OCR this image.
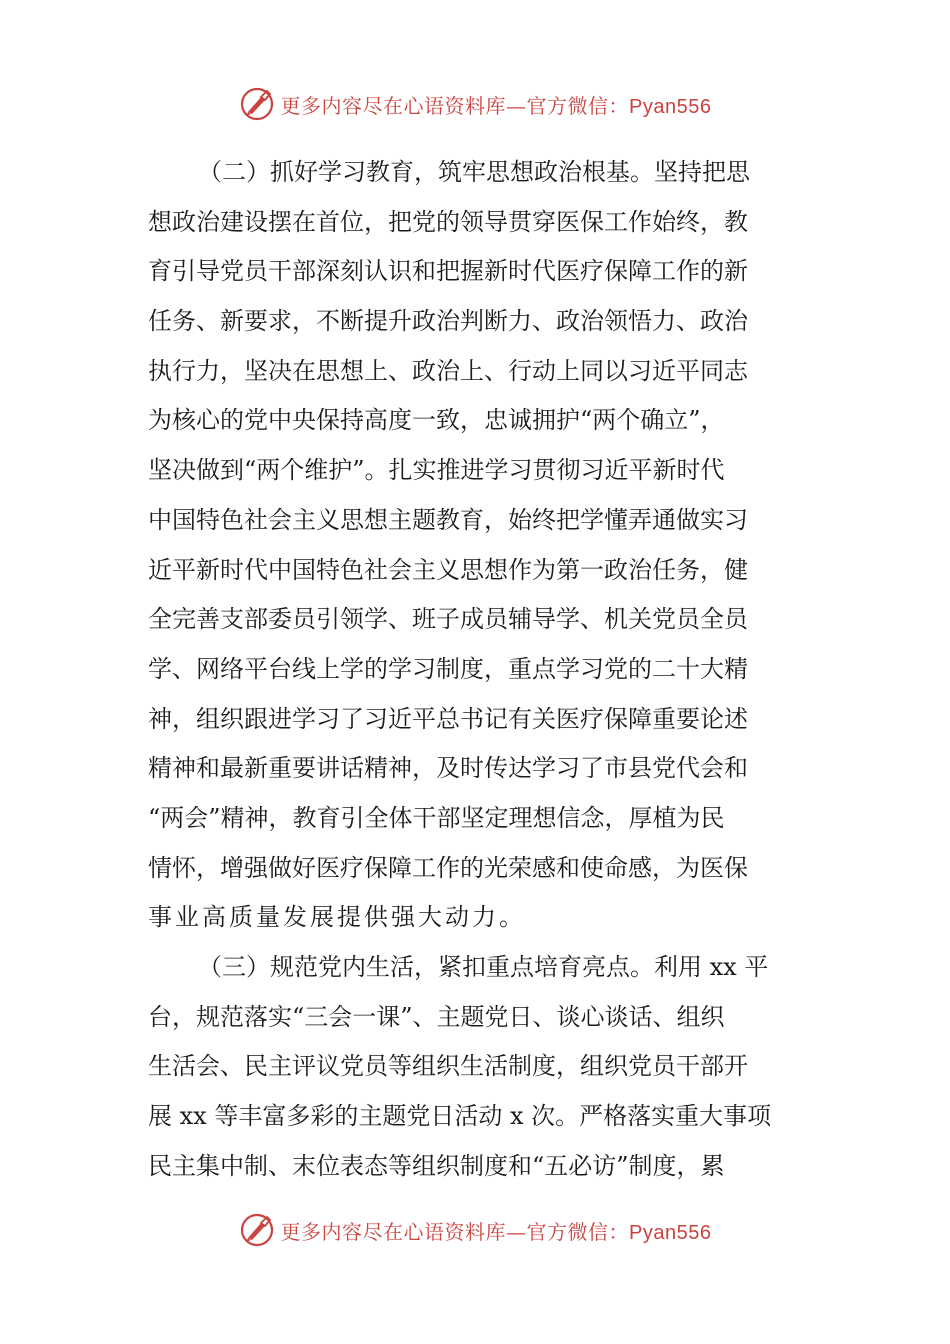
更多内容尽在心语资料库—官方微信：Pyan556
（二）抓好学习教育，筑牢思想政治根基。坚持把思
想政治建设摆在首位，把党的领导贯穿医保工作始终，教
育引导党员干部深刻认识和把握新时代医疗保障工作的新
任务、新要求，不断提升政治判断力、政治领悟力、政治
执行力，坚决在思想上、政治上、行动上同以习近平同志
为核心的党中央保持高度一致，忠诚拥护“两个确立”，
坚决做到“两个维护”。扎实推进学习贯彻习近平新时代
中国特色社会主义思想主题教育，始终把学懂弄通做实习
近平新时代中国特色社会主义思想作为第一政治任务，健
全完善支部委员引领学、班子成员辅导学、机关党员全员
学、网络平台线上学的学习制度，重点学习党的二十大精
神，组织跟进学习了习近平总书记有关医疗保障重要论述
精神和最新重要讲话精神，及时传达学习了市县党代会和
“两会”精神，教育引全体干部坚定理想信念，厚植为民
情怀，增强做好医疗保障工作的光荣感和使命感，为医保
事业高质量发展提供强大动力。
（三）规范党内生活，紧扣重点培育亮点。利用 xx 平
台，规范落实“三会一课”、主题党日、谈心谈话、组织
生活会、民主评议党员等组织生活制度，组织党员干部开
展 xx 等丰富多彩的主题党日活动 x 次。严格落实重大事项
民主集中制、末位表态等组织制度和“五必访”制度，累
更多内容尽在心语资料库—官方微信：Pyan556
